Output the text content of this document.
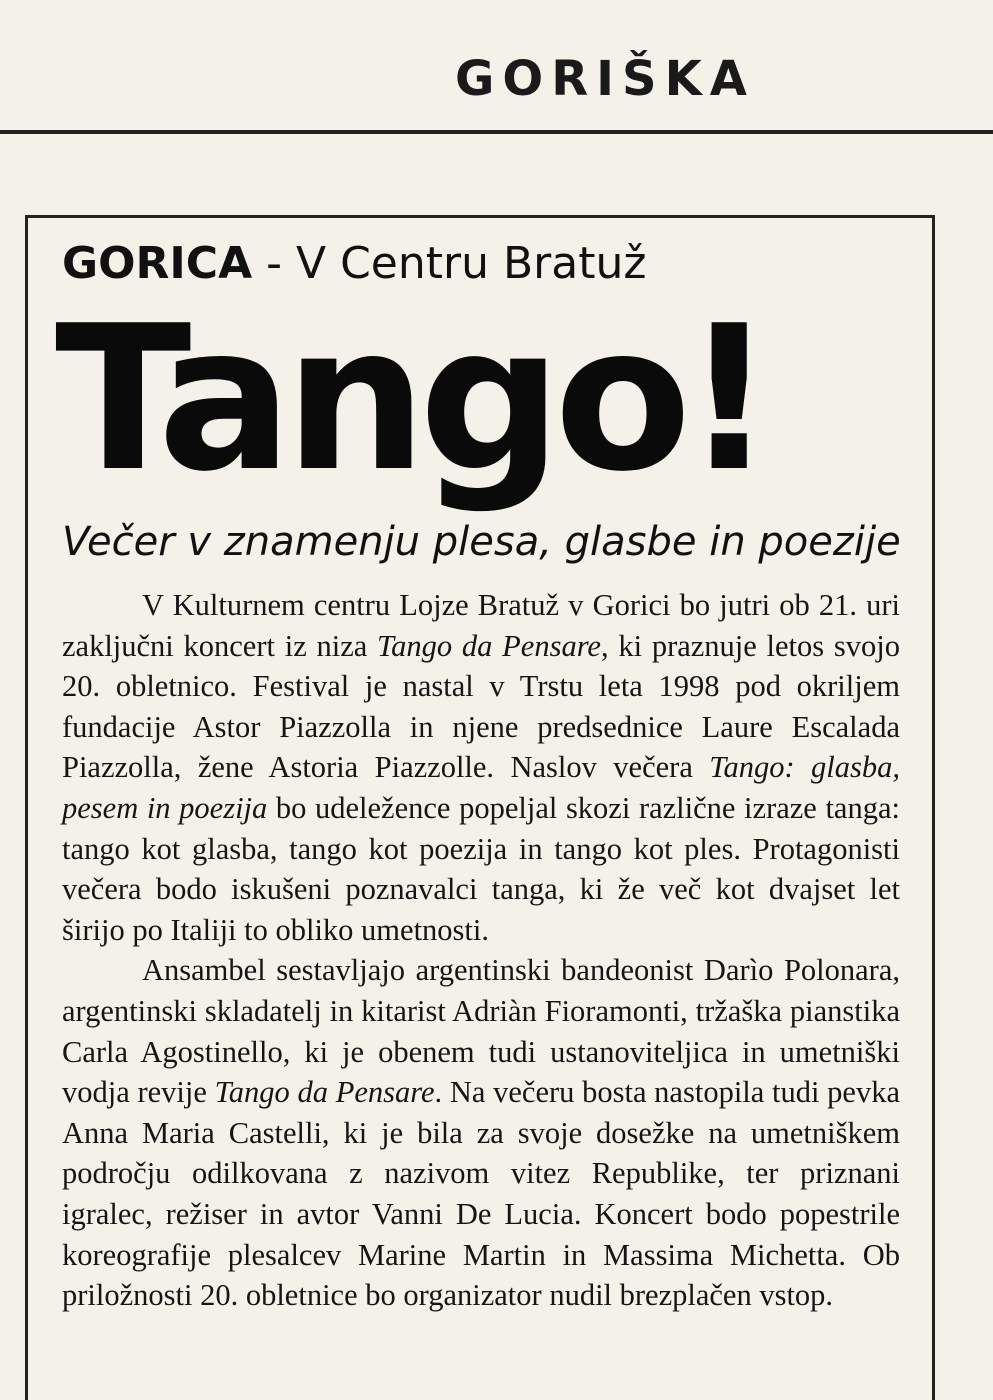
GORIŠKA
GORICA - V Centru Bratuž
Tango!
Večer v znamenju plesa, glasbe in poezije

V Kulturnem centru Lojze Bratuž v Gorici bo jutri ob 21. uri zaključni koncert iz niza Tango da Pensare, ki praznuje letos svojo 20. obletnico. Festival je nastal v Trstu leta 1998 pod okriljem fundacije Astor Piazzolla in njene predsednice Laure Escalada Piazzolla, žene Astoria Piazzolle. Naslov večera Tango: glasba, pesem in poezija bo udeležence popeljal skozi različne izraze tanga: tango kot glasba, tango kot poezija in tango kot ples. Protagonisti večera bodo iskušeni poznavalci tanga, ki že več kot dvajset let širijo po Italiji to obliko umetnosti.

Ansambel sestavljajo argentinski bandeonist Darìo Polonara, argentinski skladatelj in kitarist Adriàn Fioramonti, tržaška pianstika Carla Agostinello, ki je obenem tudi ustanoviteljica in umetniški vodja revije Tango da Pensare. Na večeru bosta nastopila tudi pevka Anna Maria Castelli, ki je bila za svoje dosežke na umetniškem področju odilkovana z nazivom vitez Republike, ter priznani igralec, režiser in avtor Vanni De Lucia. Koncert bodo popestrile koreografije plesalcev Marine Martin in Massima Michetta. Ob priložnosti 20. obletnice bo organizator nudil brezplačen vstop.
